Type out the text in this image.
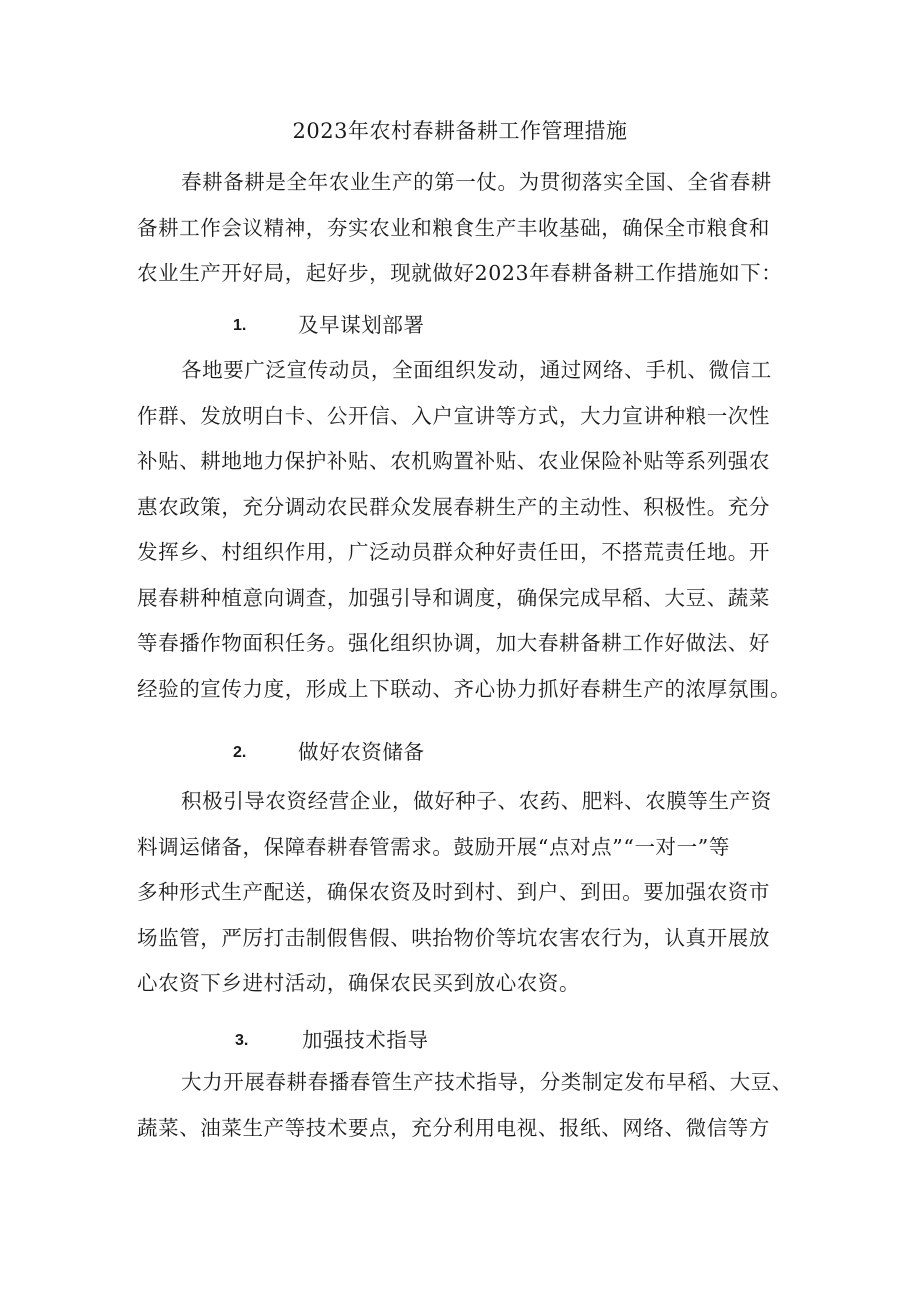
2023年农村春耕备耕工作管理措施
春耕备耕是全年农业生产的第一仗。为贯彻落实全国、全省春耕
备耕工作会议精神，夯实农业和粮食生产丰收基础，确保全市粮食和
农业生产开好局，起好步，现就做好2023年春耕备耕工作措施如下：
1.	及早谋划部署
各地要广泛宣传动员，全面组织发动，通过网络、手机、微信工
作群、发放明白卡、公开信、入户宣讲等方式，大力宣讲种粮一次性
补贴、耕地地力保护补贴、农机购置补贴、农业保险补贴等系列强农
惠农政策，充分调动农民群众发展春耕生产的主动性、积极性。充分
发挥乡、村组织作用，广泛动员群众种好责任田，不搭荒责任地。开
展春耕种植意向调查，加强引导和调度，确保完成早稻、大豆、蔬菜
等春播作物面积任务。强化组织协调，加大春耕备耕工作好做法、好
经验的宣传力度，形成上下联动、齐心协力抓好春耕生产的浓厚氛围。
2.	做好农资储备
积极引导农资经营企业，做好种子、农药、肥料、农膜等生产资
料调运储备，保障春耕春管需求。鼓励开展“点对点”“一对一”等
多种形式生产配送，确保农资及时到村、到户、到田。要加强农资市
场监管，严厉打击制假售假、哄抬物价等坑农害农行为，认真开展放
心农资下乡进村活动，确保农民买到放心农资。
3.	加强技术指导
大力开展春耕春播春管生产技术指导，分类制定发布早稻、大豆、
蔬菜、油菜生产等技术要点，充分利用电视、报纸、网络、微信等方
